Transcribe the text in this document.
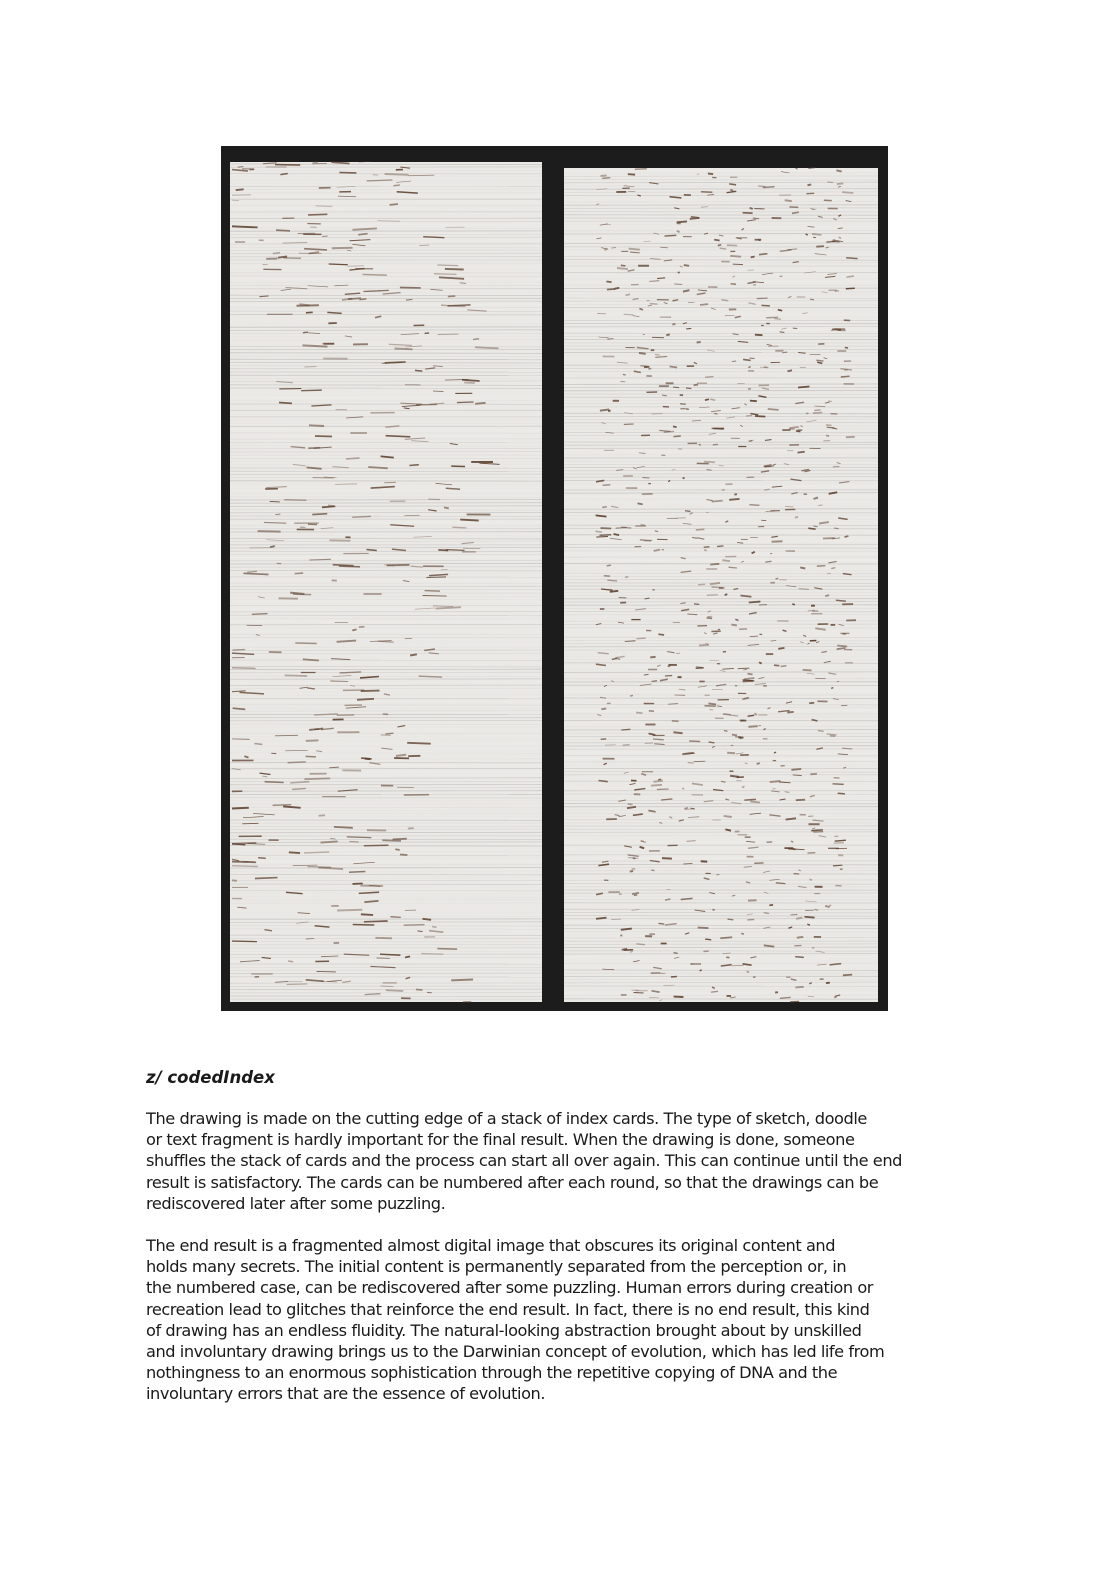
z/ codedIndex
The drawing is made on the cutting edge of a stack of index cards. The type of sketch, doodle
or text fragment is hardly important for the final result. When the drawing is done, someone
shuffles the stack of cards and the process can start all over again. This can continue until the end
result is satisfactory. The cards can be numbered after each round, so that the drawings can be
rediscovered later after some puzzling.
The end result is a fragmented almost digital image that obscures its original content and
holds many secrets. The initial content is permanently separated from the perception or, in
the numbered case, can be rediscovered after some puzzling. Human errors during creation or
recreation lead to glitches that reinforce the end result. In fact, there is no end result, this kind
of drawing has an endless fluidity. The natural-looking abstraction brought about by unskilled
and involuntary drawing brings us to the Darwinian concept of evolution, which has led life from
nothingness to an enormous sophistication through the repetitive copying of DNA and the
involuntary errors that are the essence of evolution.
